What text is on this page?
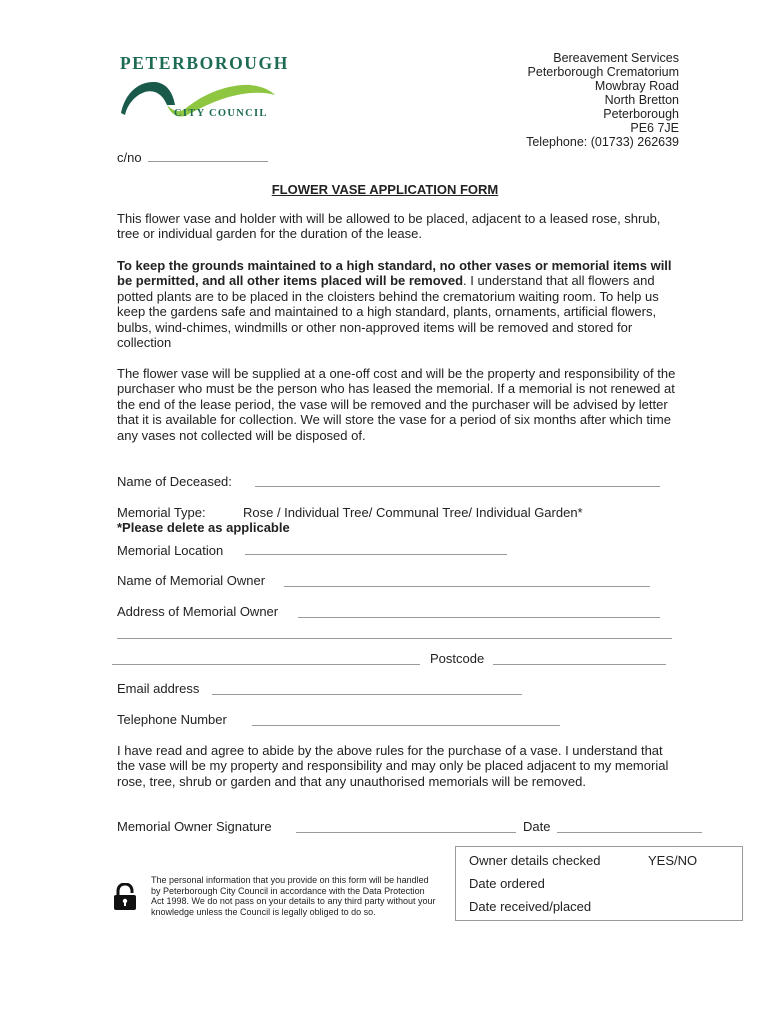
PETERBOROUGH
CITY COUNCIL
Bereavement Services
Peterborough Crematorium
Mowbray Road
North Bretton
Peterborough
PE6 7JE
Telephone: (01733) 262639
c/no
FLOWER VASE APPLICATION FORM
This flower vase and holder with will be allowed to be placed, adjacent to a leased rose, shrub, tree or individual garden for the duration of the lease.
To keep the grounds maintained to a high standard, no other vases or memorial items will be permitted, and all other items placed will be removed. I understand that all flowers and potted plants are to be placed in the cloisters behind the crematorium waiting room. To help us keep the gardens safe and maintained to a high standard, plants, ornaments, artificial flowers, bulbs, wind-chimes, windmills or other non-approved items will be removed and stored for collection
The flower vase will be supplied at a one-off cost and will be the property and responsibility of the purchaser who must be the person who has leased the memorial. If a memorial is not renewed at the end of the lease period, the vase will be removed and the purchaser will be advised by letter that it is available for collection. We will store the vase for a period of six months after which time any vases not collected will be disposed of.
Name of Deceased:
Memorial Type:	Rose / Individual Tree/ Communal Tree/ Individual Garden*
*Please delete as applicable
Memorial Location
Name of Memorial Owner
Address of Memorial Owner
Postcode
Email address
Telephone Number
I have read and agree to abide by the above rules for the purchase of a vase. I understand that the vase will be my property and responsibility and may only be placed adjacent to my memorial rose, tree, shrub or garden and that any unauthorised memorials will be removed.
Memorial Owner Signature	Date
Owner details checked	YES/NO
Date ordered
Date received/placed
The personal information that you provide on this form will be handled by Peterborough City Council in accordance with the Data Protection Act 1998. We do not pass on your details to any third party without your knowledge unless the Council is legally obliged to do so.
